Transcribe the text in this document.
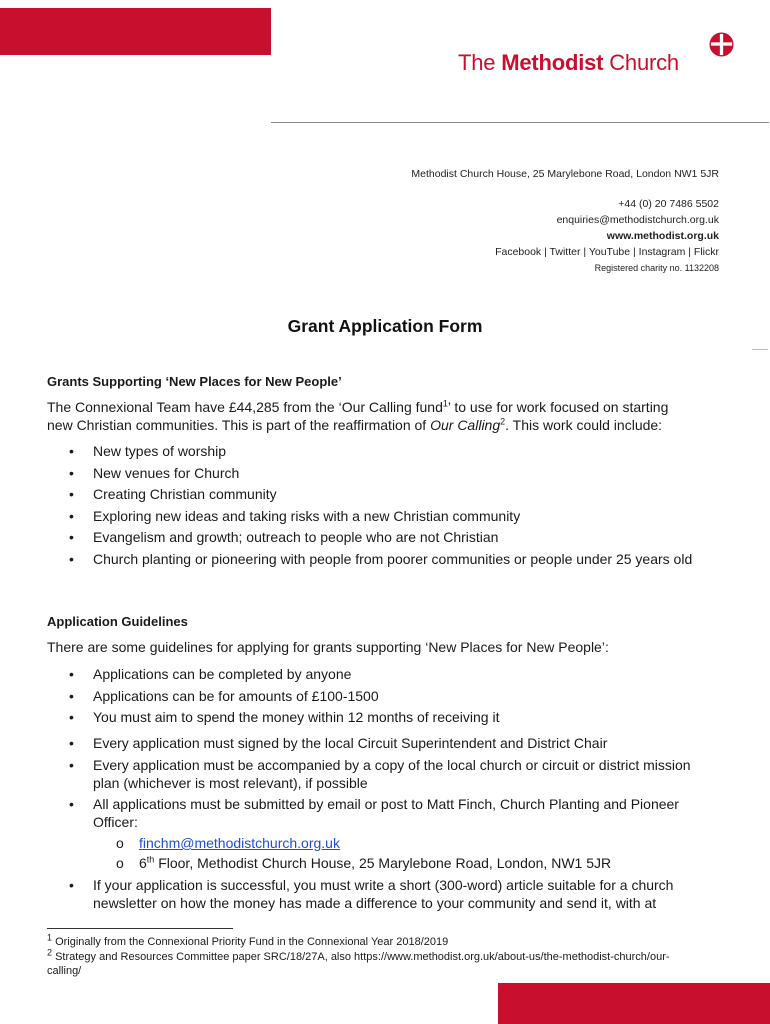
The Methodist Church
Methodist Church House, 25 Marylebone Road, London NW1 5JR
+44 (0) 20 7486 5502
enquiries@methodistchurch.org.uk
www.methodist.org.uk
Facebook | Twitter | YouTube | Instagram | Flickr
Registered charity no. 1132208
Grant Application Form
Grants Supporting ‘New Places for New People’
The Connexional Team have £44,285 from the ‘Our Calling fund$^1$’ to use for work focused on starting
new Christian communities. This is part of the reaffirmation of Our Calling$^2$. This work could include:
• New types of worship
• New venues for Church
• Creating Christian community
• Exploring new ideas and taking risks with a new Christian community
• Evangelism and growth; outreach to people who are not Christian
• Church planting or pioneering with people from poorer communities or people under 25 years old
Application Guidelines
There are some guidelines for applying for grants supporting ‘New Places for New People’:
• Applications can be completed by anyone
• Applications can be for amounts of £100-1500
• You must aim to spend the money within 12 months of receiving it
• Every application must signed by the local Circuit Superintendent and District Chair
• Every application must be accompanied by a copy of the local church or circuit or district mission plan (whichever is most relevant), if possible
• All applications must be submitted by email or post to Matt Finch, Church Planting and Pioneer Officer:
o finchm@methodistchurch.org.uk
o 6th Floor, Methodist Church House, 25 Marylebone Road, London, NW1 5JR
• If your application is successful, you must write a short (300-word) article suitable for a church newsletter on how the money has made a difference to your community and send it, with at
$^1$ Originally from the Connexional Priority Fund in the Connexional Year 2018/2019
$^2$ Strategy and Resources Committee paper SRC/18/27A, also https://www.methodist.org.uk/about-us/the-methodist-church/our-calling/
